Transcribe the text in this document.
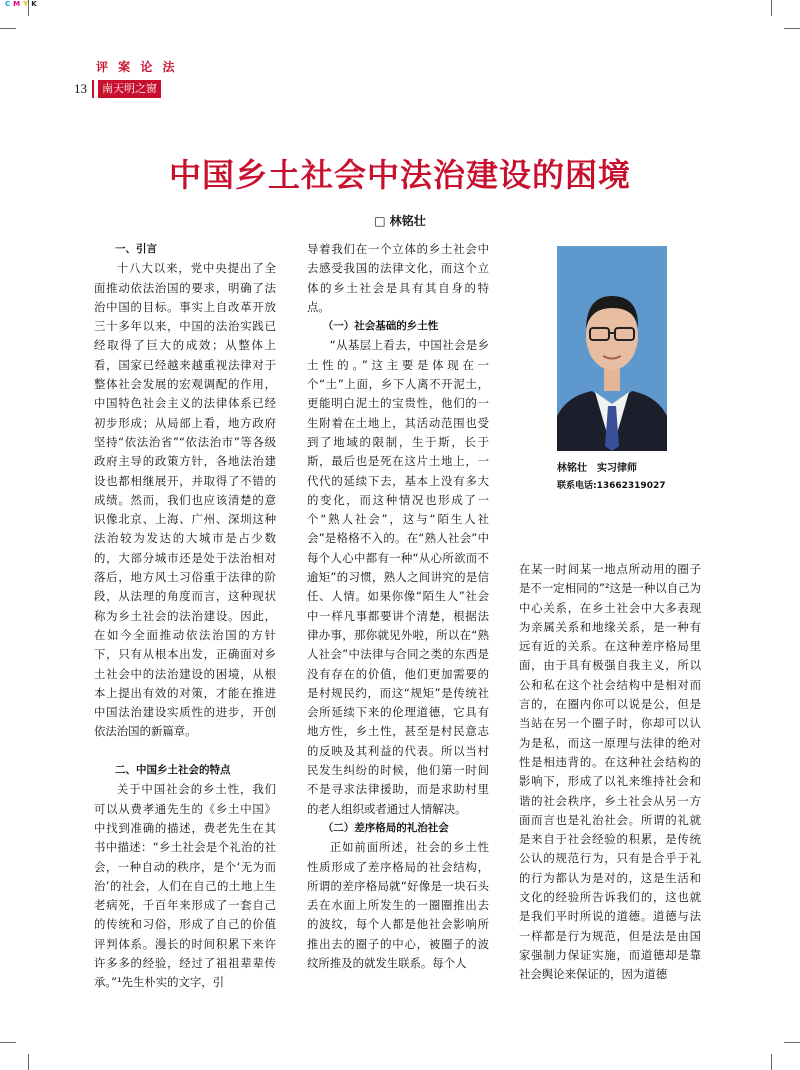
C M Y K
评 案 论 法
13	南天明之窗
中国乡土社会中法治建设的困境
□ 林铭壮
一、引言

十八大以来，党中央提出了全面推动依法治国的要求，明确了法治中国的目标。事实上自改革开放三十多年以来，中国的法治实践已经取得了巨大的成效；从整体上看，国家已经越来越重视法律对于整体社会发展的宏观调配的作用，中国特色社会主义的法律体系已经初步形成；从局部上看，地方政府坚持“依法治省”“依法治市”等各级政府主导的政策方针，各地法治建设也都相继展开，并取得了不错的成绩。然而，我们也应该清楚的意识像北京、上海、广州、深圳这种法治较为发达的大城市是占少数的，大部分城市还是处于法治相对落后，地方风土习俗重于法律的阶段，从法理的角度而言，这种现状称为乡土社会的法治建设。因此，在如今全面推动依法治国的方针下，只有从根本出发，正确面对乡土社会中的法治建设的困境，从根本上提出有效的对策，才能在推进中国法治建设实质性的进步，开创依法治国的新篇章。

二、中国乡土社会的特点

关于中国社会的乡土性，我们可以从费孝通先生的《乡土中国》中找到准确的描述，费老先生在其书中描述：“乡土社会是个礼治的社会，一种自动的秩序，是个‘无为而治’的社会，人们在自己的土地上生老病死，千百年来形成了一套自己的传统和习俗，形成了自己的价值评判体系。漫长的时间积累下来许许多多的经验，经过了祖祖辈辈传承。”¹先生朴实的文字，引

导着我们在一个立体的乡土社会中去感受我国的法律文化，而这个立体的乡土社会是具有其自身的特点。

（一）社会基础的乡土性

“从基层上看去，中国社会是乡土性的。”这主要是体现在一个“土”上面，乡下人离不开泥土，更能明白泥土的宝贵性，他们的一生附着在土地上，其活动范围也受到了地域的限制，生于斯，长于斯，最后也是死在这片土地上，一代代的延续下去，基本上没有多大的变化，而这种情况也形成了一个“熟人社会”，这与“陌生人社会”是格格不入的。在“熟人社会”中每个人心中都有一种“从心所欲而不逾矩”的习惯，熟人之间讲究的是信任、人情。如果你像“陌生人”社会中一样凡事都要讲个清楚，根据法律办事，那你就见外啦，所以在“熟人社会”中法律与合同之类的东西是没有存在的价值，他们更加需要的是村规民约，而这“规矩”是传统社会所延续下来的伦理道德，它具有地方性，乡土性，甚至是村民意志的反映及其利益的代表。所以当村民发生纠纷的时候，他们第一时间不是寻求法律援助，而是求助村里的老人组织或者通过人情解决。

（二）差序格局的礼治社会

正如前面所述，社会的乡土性性质形成了差序格局的社会结构，所谓的差序格局就“好像是一块石头丢在水面上所发生的一圈圈推出去的波纹，每个人都是他社会影响所推出去的圈子的中心，被圈子的波纹所推及的就发生联系。每个人

林铭壮　实习律师
联系电话:13662319027

在某一时间某一地点所动用的圈子是不一定相同的”²这是一种以自己为中心关系，在乡土社会中大多表现为亲属关系和地缘关系，是一种有远有近的关系。在这种差序格局里面，由于具有极强自我主义，所以公和私在这个社会结构中是相对而言的，在圈内你可以说是公，但是当站在另一个圈子时，你却可以认为是私，而这一原理与法律的绝对性是相违背的。在这种社会结构的影响下，形成了以礼来维持社会和谐的社会秩序，乡土社会从另一方面而言也是礼治社会。所谓的礼就是来自于社会经验的积累，是传统公认的规范行为，只有是合乎于礼的行为都认为是对的，这是生活和文化的经验所告诉我们的，这也就是我们平时所说的道德。道德与法一样都是行为规范，但是法是由国家强制力保证实施，而道德却是靠社会舆论来保证的，因为道德
